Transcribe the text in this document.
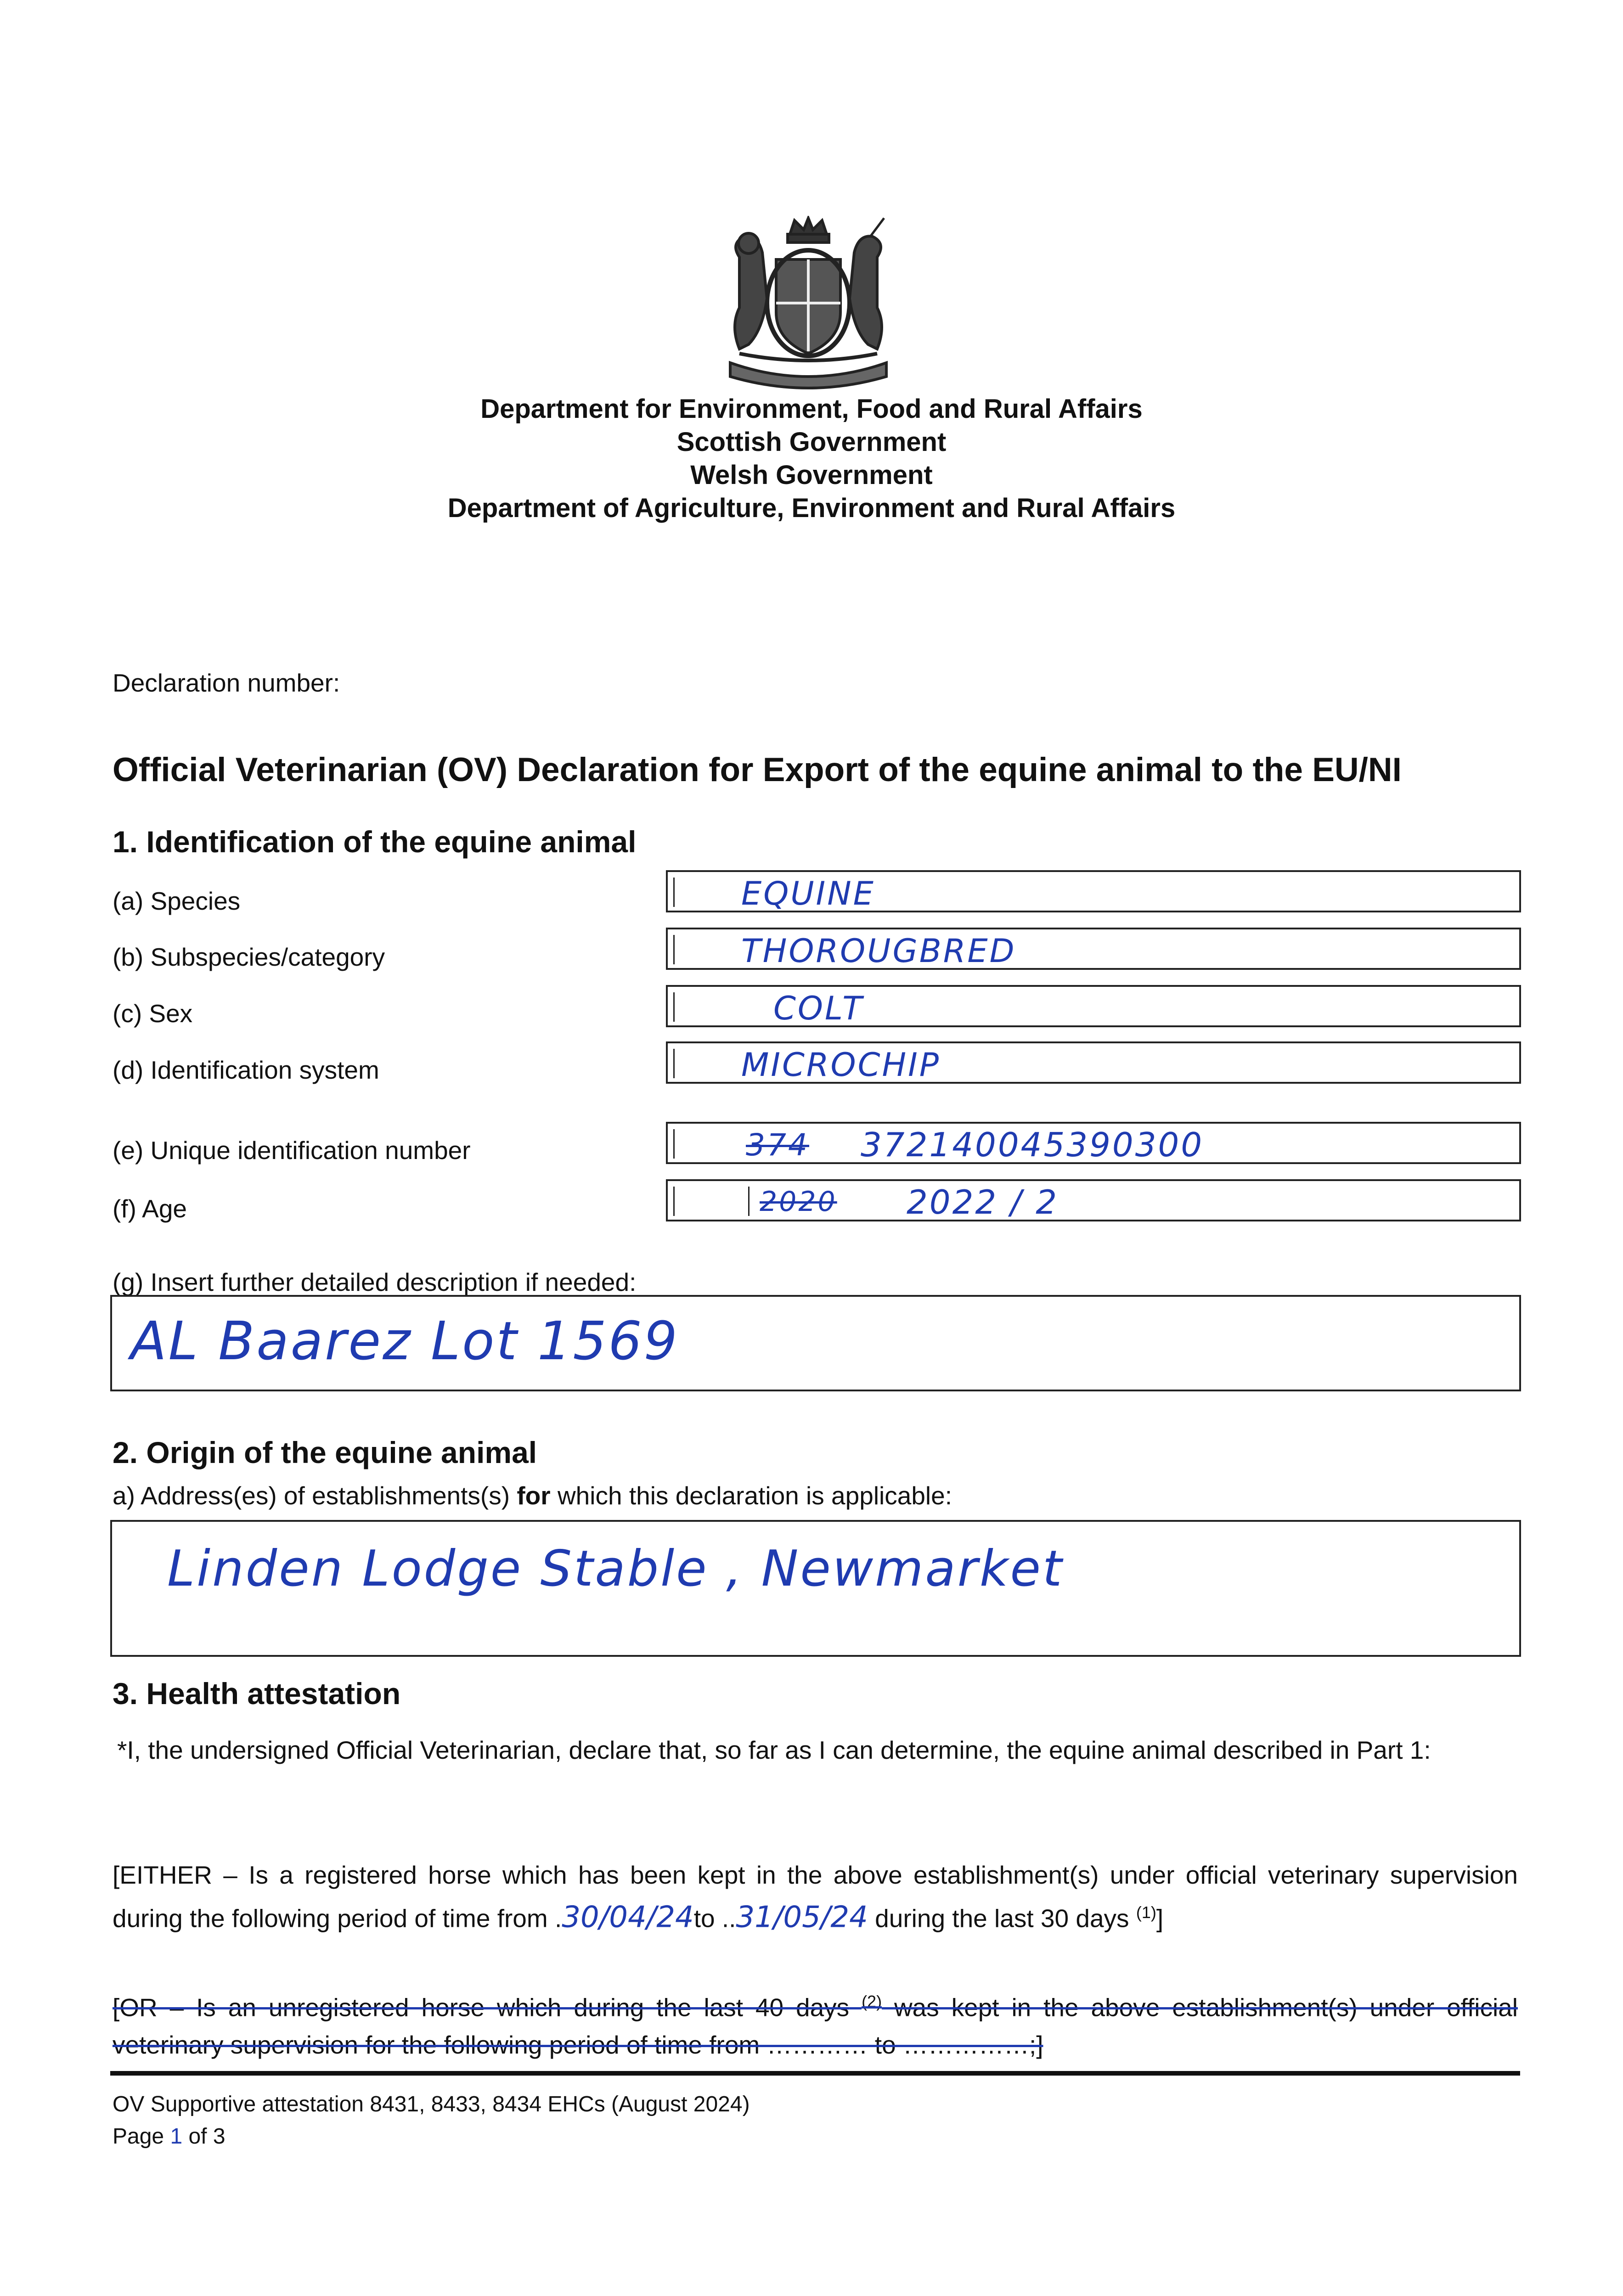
Department for Environment, Food and Rural Affairs
Scottish Government
Welsh Government
Department of Agriculture, Environment and Rural Affairs
Declaration number:
Official Veterinarian (OV) Declaration for Export of the equine animal to the EU/NI
1. Identification of the equine animal
(a) Species	EQUINE
(b) Subspecies/category	THOROUGBRED
(c) Sex	COLT
(d) Identification system	MICROCHIP
(e) Unique identification number	374 372140045390300
(f) Age	2020 2022 / 2
(g) Insert further detailed description if needed:
AL Baarez Lot 1569
2. Origin of the equine animal
a) Address(es) of establishments(s) for which this declaration is applicable:
Linden Lodge Stable , Newmarket
3. Health attestation
*I, the undersigned Official Veterinarian, declare that, so far as I can determine, the equine animal described in Part 1:
[EITHER – Is a registered horse which has been kept in the above establishment(s) under official veterinary supervision during the following period of time from .30/04/24to ..31/05/24 during the last 30 days $^{(1)}$]
[OR – Is an unregistered horse which during the last 40 days $^{(2)}$ was kept in the above establishment(s) under official veterinary supervision for the following period of time from ………… to ……………;]
OV Supportive attestation 8431, 8433, 8434 EHCs (August 2024)
Page 1 of 3
